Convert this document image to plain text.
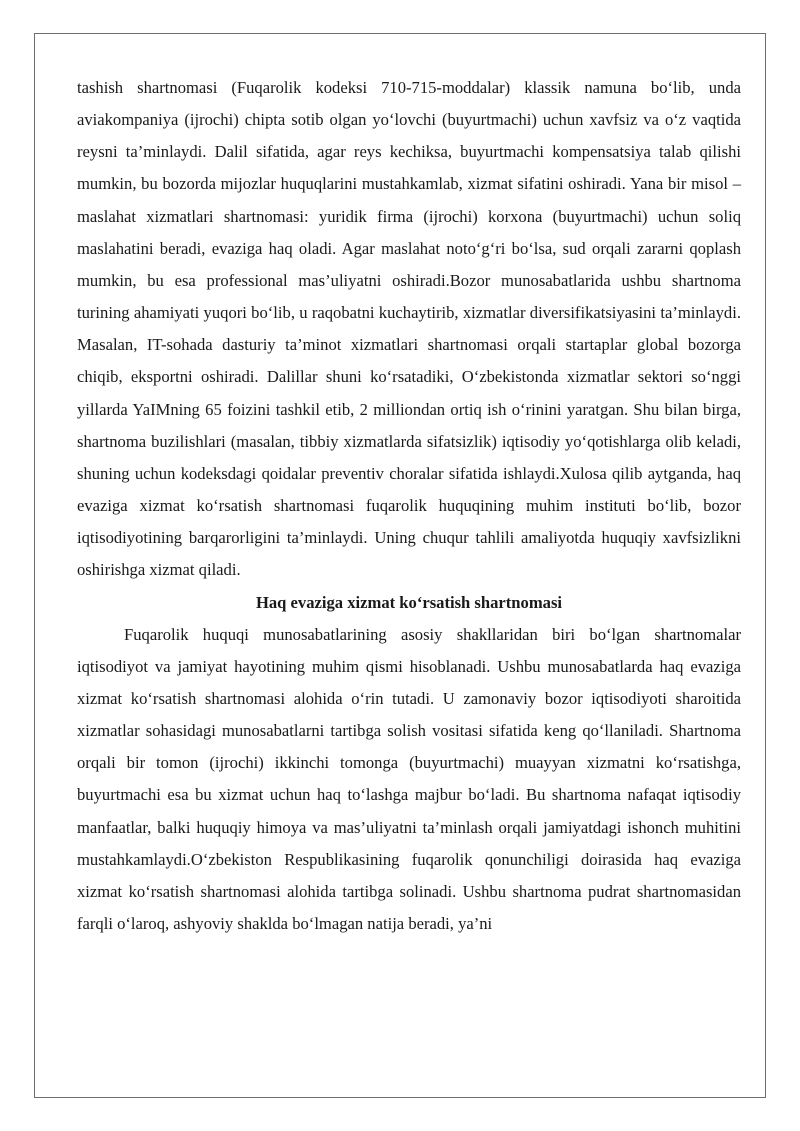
tashish shartnomasi (Fuqarolik kodeksi 710-715-moddalar) klassik namuna bo‘lib, unda aviakompaniya (ijrochi) chipta sotib olgan yo‘lovchi (buyurtmachi) uchun xavfsiz va o‘z vaqtida reysni ta’minlaydi. Dalil sifatida, agar reys kechiksa, buyurtmachi kompensatsiya talab qilishi mumkin, bu bozorda mijozlar huquqlarini mustahkamlab, xizmat sifatini oshiradi. Yana bir misol – maslahat xizmatlari shartnomasi: yuridik firma (ijrochi) korxona (buyurtmachi) uchun soliq maslahatini beradi, evaziga haq oladi. Agar maslahat noto‘g‘ri bo‘lsa, sud orqali zararni qoplash mumkin, bu esa professional mas’uliyatni oshiradi.Bozor munosabatlarida ushbu shartnoma turining ahamiyati yuqori bo‘lib, u raqobatni kuchaytirib, xizmatlar diversifikatsiyasini ta’minlaydi. Masalan, IT-sohada dasturiy ta’minot xizmatlari shartnomasi orqali startaplar global bozorga chiqib, eksportni oshiradi. Dalillar shuni ko‘rsatadiki, O‘zbekistonda xizmatlar sektori so‘nggi yillarda YaIMning 65 foizini tashkil etib, 2 milliondan ortiq ish o‘rinini yaratgan. Shu bilan birga, shartnoma buzilishlari (masalan, tibbiy xizmatlarda sifatsizlik) iqtisodiy yo‘qotishlarga olib keladi, shuning uchun kodeksdagi qoidalar preventiv choralar sifatida ishlaydi.Xulosa qilib aytganda, haq evaziga xizmat ko‘rsatish shartnomasi fuqarolik huquqining muhim instituti bo‘lib, bozor iqtisodiyotining barqarorligini ta’minlaydi. Uning chuqur tahlili amaliyotda huquqiy xavfsizlikni oshirishga xizmat qiladi.

Haq evaziga xizmat ko‘rsatish shartnomasi

Fuqarolik huquqi munosabatlarining asosiy shakllaridan biri bo‘lgan shartnomalar iqtisodiyot va jamiyat hayotining muhim qismi hisoblanadi. Ushbu munosabatlarda haq evaziga xizmat ko‘rsatish shartnomasi alohida o‘rin tutadi. U zamonaviy bozor iqtisodiyoti sharoitida xizmatlar sohasidagi munosabatlarni tartibga solish vositasi sifatida keng qo‘llaniladi. Shartnoma orqali bir tomon (ijrochi) ikkinchi tomonga (buyurtmachi) muayyan xizmatni ko‘rsatishga, buyurtmachi esa bu xizmat uchun haq to‘lashga majbur bo‘ladi. Bu shartnoma nafaqat iqtisodiy manfaatlar, balki huquqiy himoya va mas’uliyatni ta’minlash orqali jamiyatdagi ishonch muhitini mustahkamlaydi.O‘zbekiston Respublikasining fuqarolik qonunchiligi doirasida haq evaziga xizmat ko‘rsatish shartnomasi alohida tartibga solinadi. Ushbu shartnoma pudrat shartnomasidan farqli o‘laroq, ashyoviy shaklda bo‘lmagan natija beradi, ya’ni
